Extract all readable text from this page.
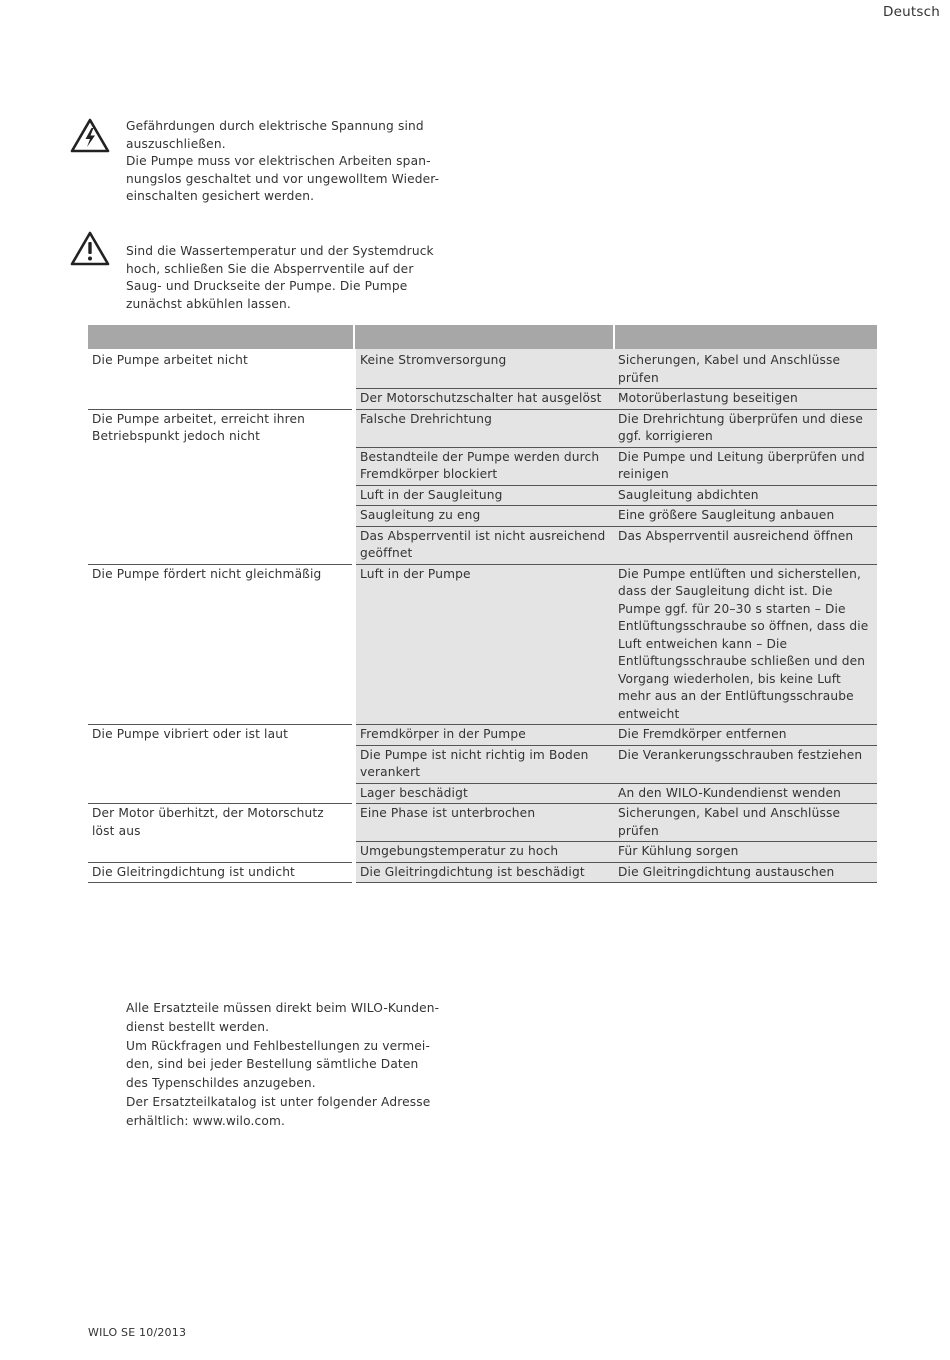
Deutsch

Gefährdungen durch elektrische Spannung sind

auszuschließen.

Die Pumpe muss vor elektrischen Arbeiten span-

nungslos geschaltet und vor ungewolltem Wieder-

einschalten gesichert werden.

Sind die Wassertemperatur und der Systemdruck

hoch, schließen Sie die Absperrventile auf der

Saug- und Druckseite der Pumpe. Die Pumpe

zunächst abkühlen lassen.

Die Pumpe arbeitet nicht	Keine Stromversorgung	Sicherungen, Kabel und Anschlüsse prüfen
	Der Motorschutzschalter hat ausgelöst	Motorüberlastung beseitigen
Die Pumpe arbeitet, erreicht ihren Betriebspunkt jedoch nicht	Falsche Drehrichtung	Die Drehrichtung überprüfen und diese ggf. korrigieren
	Bestandteile der Pumpe werden durch Fremdkörper blockiert	Die Pumpe und Leitung überprüfen und reinigen
	Luft in der Saugleitung	Saugleitung abdichten
	Saugleitung zu eng	Eine größere Saugleitung anbauen
	Das Absperrventil ist nicht ausreichend geöffnet	Das Absperrventil ausreichend öffnen
Die Pumpe fördert nicht gleichmäßig	Luft in der Pumpe	Die Pumpe entlüften und sicherstellen, dass der Saugleitung dicht ist. Die Pumpe ggf. für 20–30 s starten – Die Entlüftungsschraube so öffnen, dass die Luft entweichen kann – Die Entlüftungsschraube schließen und den Vorgang wiederholen, bis keine Luft mehr aus an der Entlüftungsschraube entweicht
Die Pumpe vibriert oder ist laut	Fremdkörper in der Pumpe	Die Fremdkörper entfernen
	Die Pumpe ist nicht richtig im Boden verankert	Die Verankerungsschrauben festziehen
	Lager beschädigt	An den WILO-Kundendienst wenden
Der Motor überhitzt, der Motorschutz löst aus	Eine Phase ist unterbrochen	Sicherungen, Kabel und Anschlüsse prüfen
	Umgebungstemperatur zu hoch	Für Kühlung sorgen
Die Gleitringdichtung ist undicht	Die Gleitringdichtung ist beschädigt	Die Gleitringdichtung austauschen

Alle Ersatzteile müssen direkt beim WILO-Kunden-

dienst bestellt werden.

Um Rückfragen und Fehlbestellungen zu vermei-

den, sind bei jeder Bestellung sämtliche Daten

des Typenschildes anzugeben.

Der Ersatzteilkatalog ist unter folgender Adresse

erhältlich: www.wilo.com.

WILO SE 10/2013
